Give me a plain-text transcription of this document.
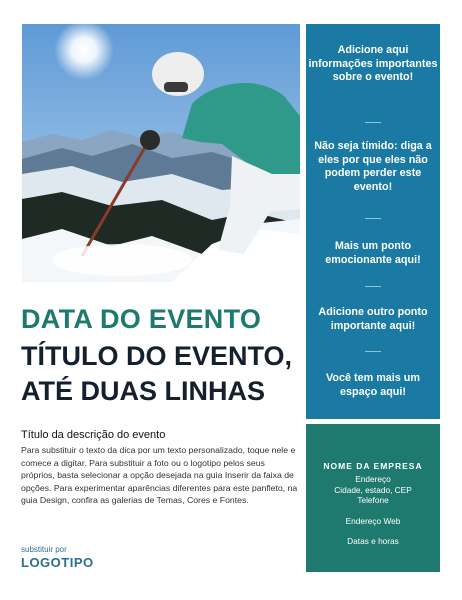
DATA DO EVENTO
TÍTULO DO EVENTO, ATÉ DUAS LINHAS
Título da descrição do evento
Para substituir o texto da dica por um texto personalizado, toque nele e comece a digitar. Para substituir a foto ou o logotipo pelos seus próprios, basta selecionar a opção desejada na guia Inserir da faixa de opções. Para experimentar aparências diferentes para este panfleto, na guia Design, confira as galerias de Temas, Cores e Fontes.
substituir por
LOGOTIPO
Adicione aqui informações importantes sobre o evento!
Não seja tímido: diga a eles por que eles não podem perder este evento!
Mais um ponto emocionante aqui!
Adicione outro ponto importante aqui!
Você tem mais um espaço aqui!
NOME DA EMPRESA
Endereço
Cidade, estado, CEP
Telefone
Endereço Web
Datas e horas
